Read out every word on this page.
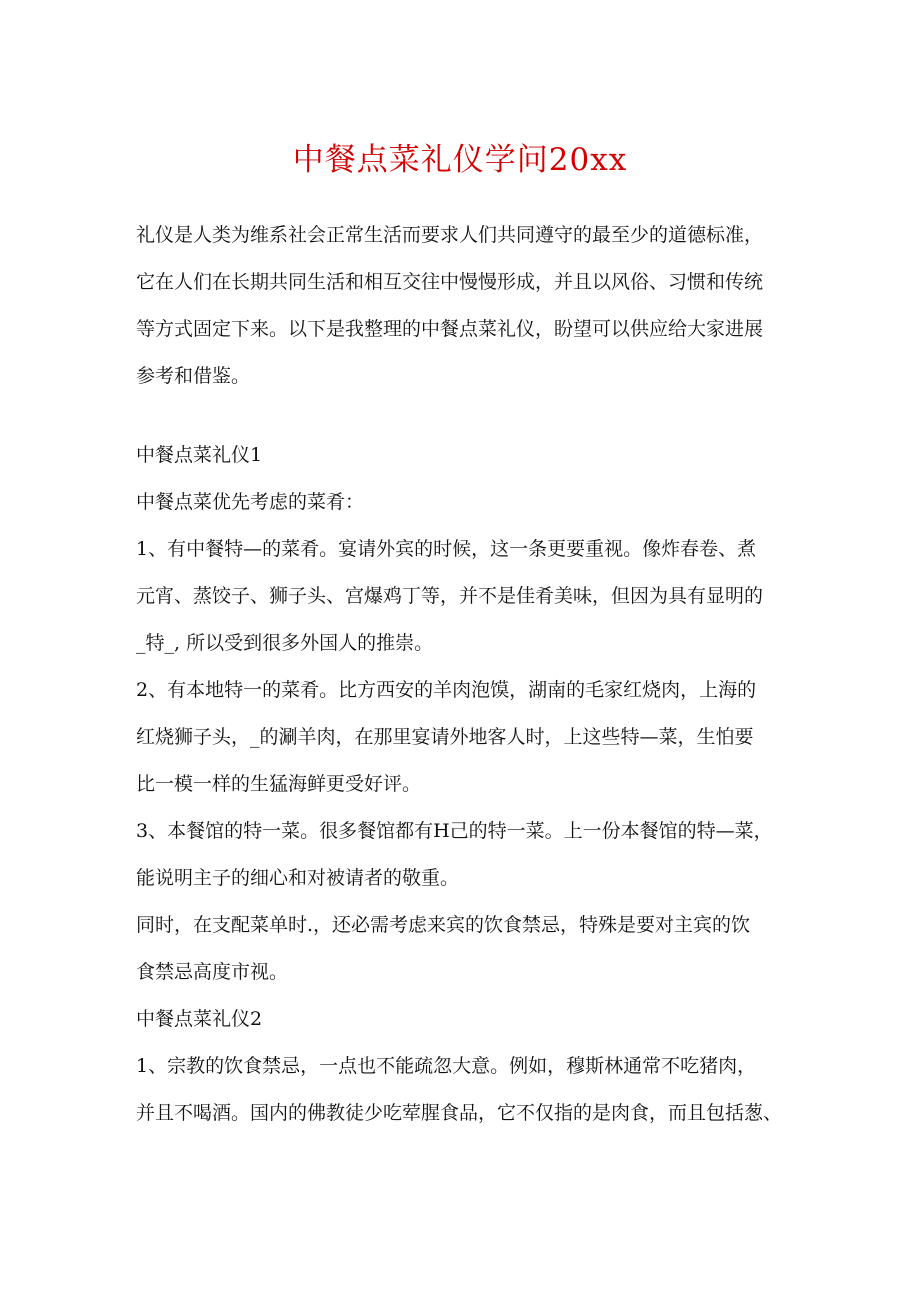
中餐点菜礼仪学问20xx

礼仪是人类为维系社会正常生活而要求人们共同遵守的最至少的道德标准，
它在人们在长期共同生活和相互交往中慢慢形成，并且以风俗、习惯和传统
等方式固定下来。以下是我整理的中餐点菜礼仪，盼望可以供应给大家进展
参考和借鉴。

中餐点菜礼仪1

中餐点菜优先考虑的菜肴：

1、有中餐特—的菜肴。宴请外宾的时候，这一条更要重视。像炸春卷、煮
元宵、蒸饺子、狮子头、宫爆鸡丁等，并不是佳肴美味，但因为具有显明的
_特_, 所以受到很多外国人的推崇。

2、有本地特一的菜肴。比方西安的羊肉泡馍，湖南的毛家红烧肉，上海的
红烧狮子头，_的涮羊肉，在那里宴请外地客人时，上这些特—菜，生怕要
比一模一样的生猛海鲜更受好评。

3、本餐馆的特一菜。很多餐馆都有H己的特一菜。上一份本餐馆的特—菜，
能说明主子的细心和对被请者的敬重。

同时，在支配菜单时.，还必需考虑来宾的饮食禁忌，特殊是要对主宾的饮
食禁忌高度市视。

中餐点菜礼仪2

1、宗教的饮食禁忌，一点也不能疏忽大意。例如，穆斯林通常不吃猪肉，
并且不喝酒。国内的佛教徒少吃荤腥食品，它不仅指的是肉食，而且包括葱、
